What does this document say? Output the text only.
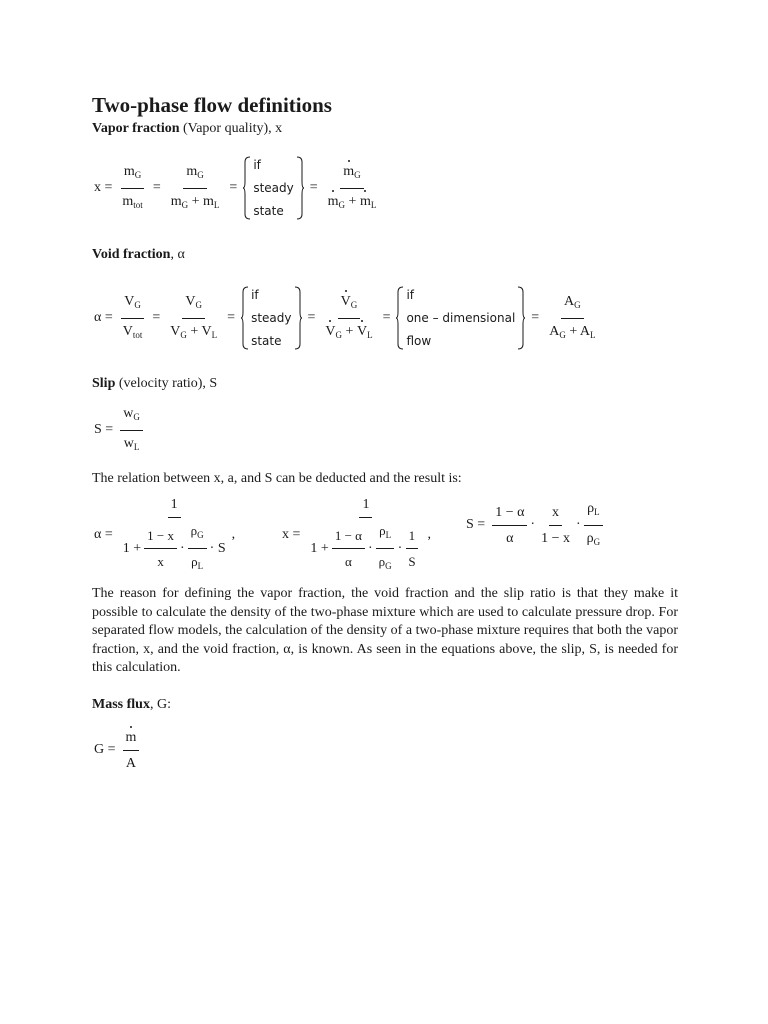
Two-phase flow definitions
Vapor fraction (Vapor quality), x
$x = \frac{m_G}{m_{tot}} = \frac{m_G}{m_G + m_L}$ =
if
steady
state
= $\frac{m_G}{m_G + m_L}$
Void fraction, α
$\alpha = \frac{V_G}{V_{tot}} = \frac{V_G}{V_G + V_L}$ =
if
steady
state
= $\frac{V_G}{V_G + V_L}$ =
if
one – dimensional
flow
= $\frac{A_G}{A_G + A_L}$
Slip (velocity ratio), S
$S = \frac{w_G}{w_L}$
The relation between x, a, and S can be deducted and the result is:
$\alpha = \frac{1}{1 + \frac{1 - x}{x} \cdot \frac{\rho_G}{\rho_L} \cdot S}$ ,	$x = \frac{1}{1 + \frac{1 - \alpha}{\alpha} \cdot \frac{\rho_L}{\rho_G} \cdot \frac{1}{S}}$ ,
$S = \frac{1 - \alpha}{\alpha} \cdot \frac{x}{1 - x} \cdot \frac{\rho_L}{\rho_G}$

The reason for defining the vapor fraction, the void fraction and the slip ratio is that they make it possible to calculate the density of the two-phase mixture which are used to calculate pressure drop. For separated flow models, the calculation of the density of a two-phase mixture requires that both the vapor fraction, x, and the void fraction, α, is known. As seen in the equations above, the slip, S, is needed for this calculation.

Mass flux, G:
$G = \frac{m}{A}$
